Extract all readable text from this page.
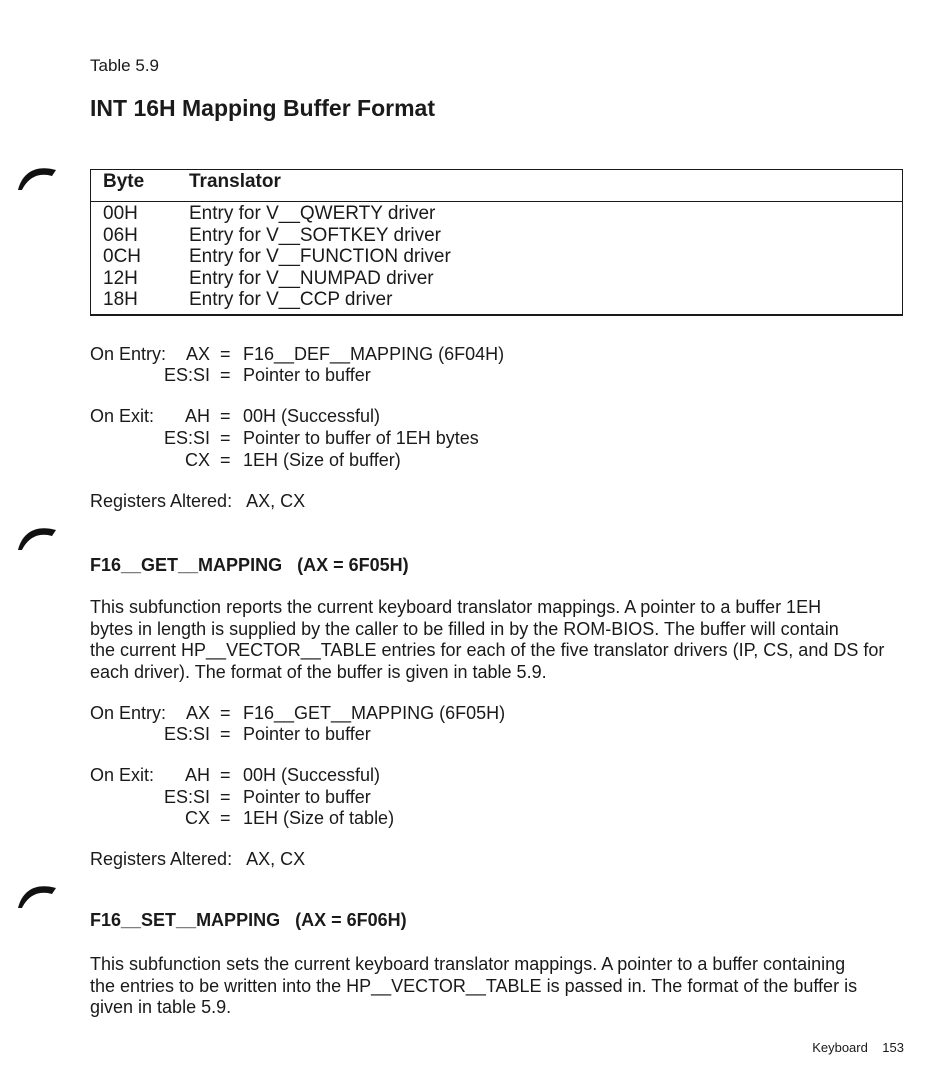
Table 5.9
INT 16H Mapping Buffer Format
Byte Translator
00H	Entry for V__QWERTY driver
06H	Entry for V__SOFTKEY driver
0CH	Entry for V__FUNCTION driver
12H	Entry for V__NUMPAD driver
18H	Entry for V__CCP driver
On Entry:	AX = F16__DEF__MAPPING (6F04H)
ES:SI = Pointer to buffer
On Exit:	AH = 00H (Successful)
ES:SI = Pointer to buffer of 1EH bytes
CX = 1EH (Size of buffer)
Registers Altered:   AX, CX
F16__GET__MAPPING   (AX = 6F05H)
This subfunction reports the current keyboard translator mappings. A pointer to a buffer 1EH
bytes in length is supplied by the caller to be filled in by the ROM-BIOS. The buffer will contain
the current HP__VECTOR__TABLE entries for each of the five translator drivers (IP, CS, and DS for
each driver). The format of the buffer is given in table 5.9.
On Entry:	AX = F16__GET__MAPPING (6F05H)
ES:SI = Pointer to buffer
On Exit:	AH = 00H (Successful)
ES:SI = Pointer to buffer
CX = 1EH (Size of table)
Registers Altered:   AX, CX
F16__SET__MAPPING   (AX = 6F06H)
This subfunction sets the current keyboard translator mappings. A pointer to a buffer containing
the entries to be written into the HP__VECTOR__TABLE is passed in. The format of the buffer is
given in table 5.9.
Keyboard 153
